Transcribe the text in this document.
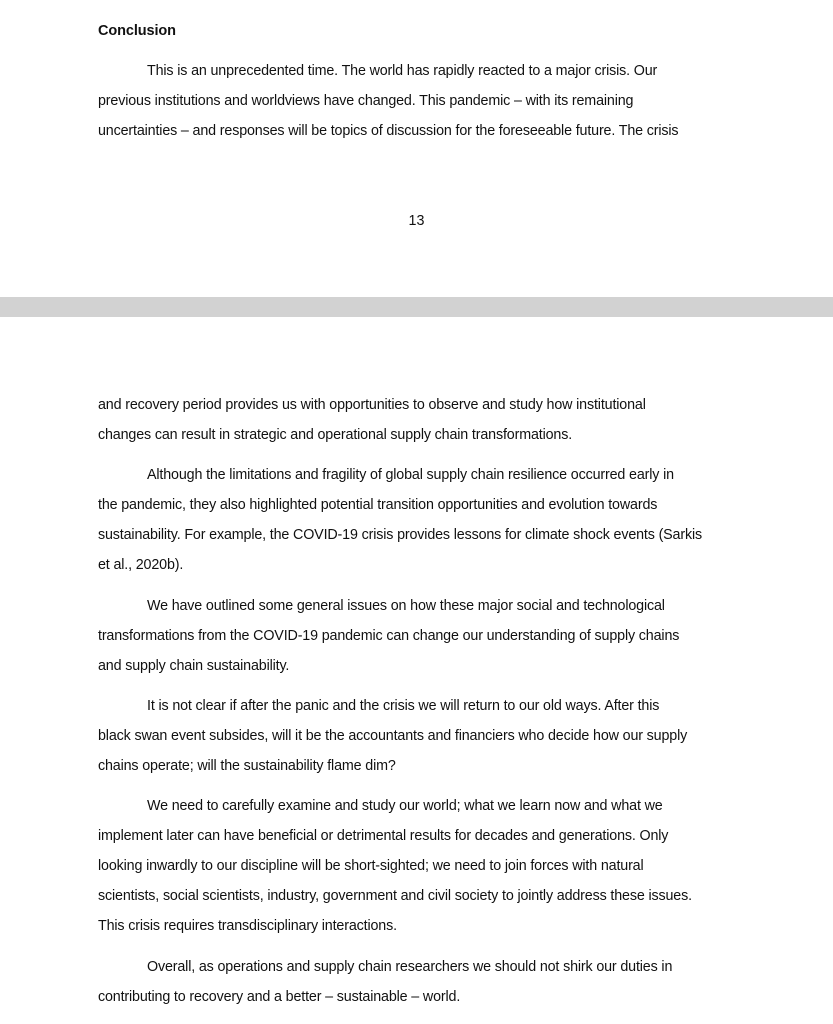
Conclusion
This is an unprecedented time. The world has rapidly reacted to a major crisis. Our
previous institutions and worldviews have changed. This pandemic – with its remaining
uncertainties – and responses will be topics of discussion for the foreseeable future. The crisis
13
and recovery period provides us with opportunities to observe and study how institutional
changes can result in strategic and operational supply chain transformations.
Although the limitations and fragility of global supply chain resilience occurred early in
the pandemic, they also highlighted potential transition opportunities and evolution towards
sustainability. For example, the COVID-19 crisis provides lessons for climate shock events (Sarkis
et al., 2020b).
We have outlined some general issues on how these major social and technological
transformations from the COVID-19 pandemic can change our understanding of supply chains
and supply chain sustainability.
It is not clear if after the panic and the crisis we will return to our old ways. After this
black swan event subsides, will it be the accountants and financiers who decide how our supply
chains operate; will the sustainability flame dim?
We need to carefully examine and study our world; what we learn now and what we
implement later can have beneficial or detrimental results for decades and generations. Only
looking inwardly to our discipline will be short-sighted; we need to join forces with natural
scientists, social scientists, industry, government and civil society to jointly address these issues.
This crisis requires transdisciplinary interactions.
Overall, as operations and supply chain researchers we should not shirk our duties in
contributing to recovery and a better – sustainable – world.
